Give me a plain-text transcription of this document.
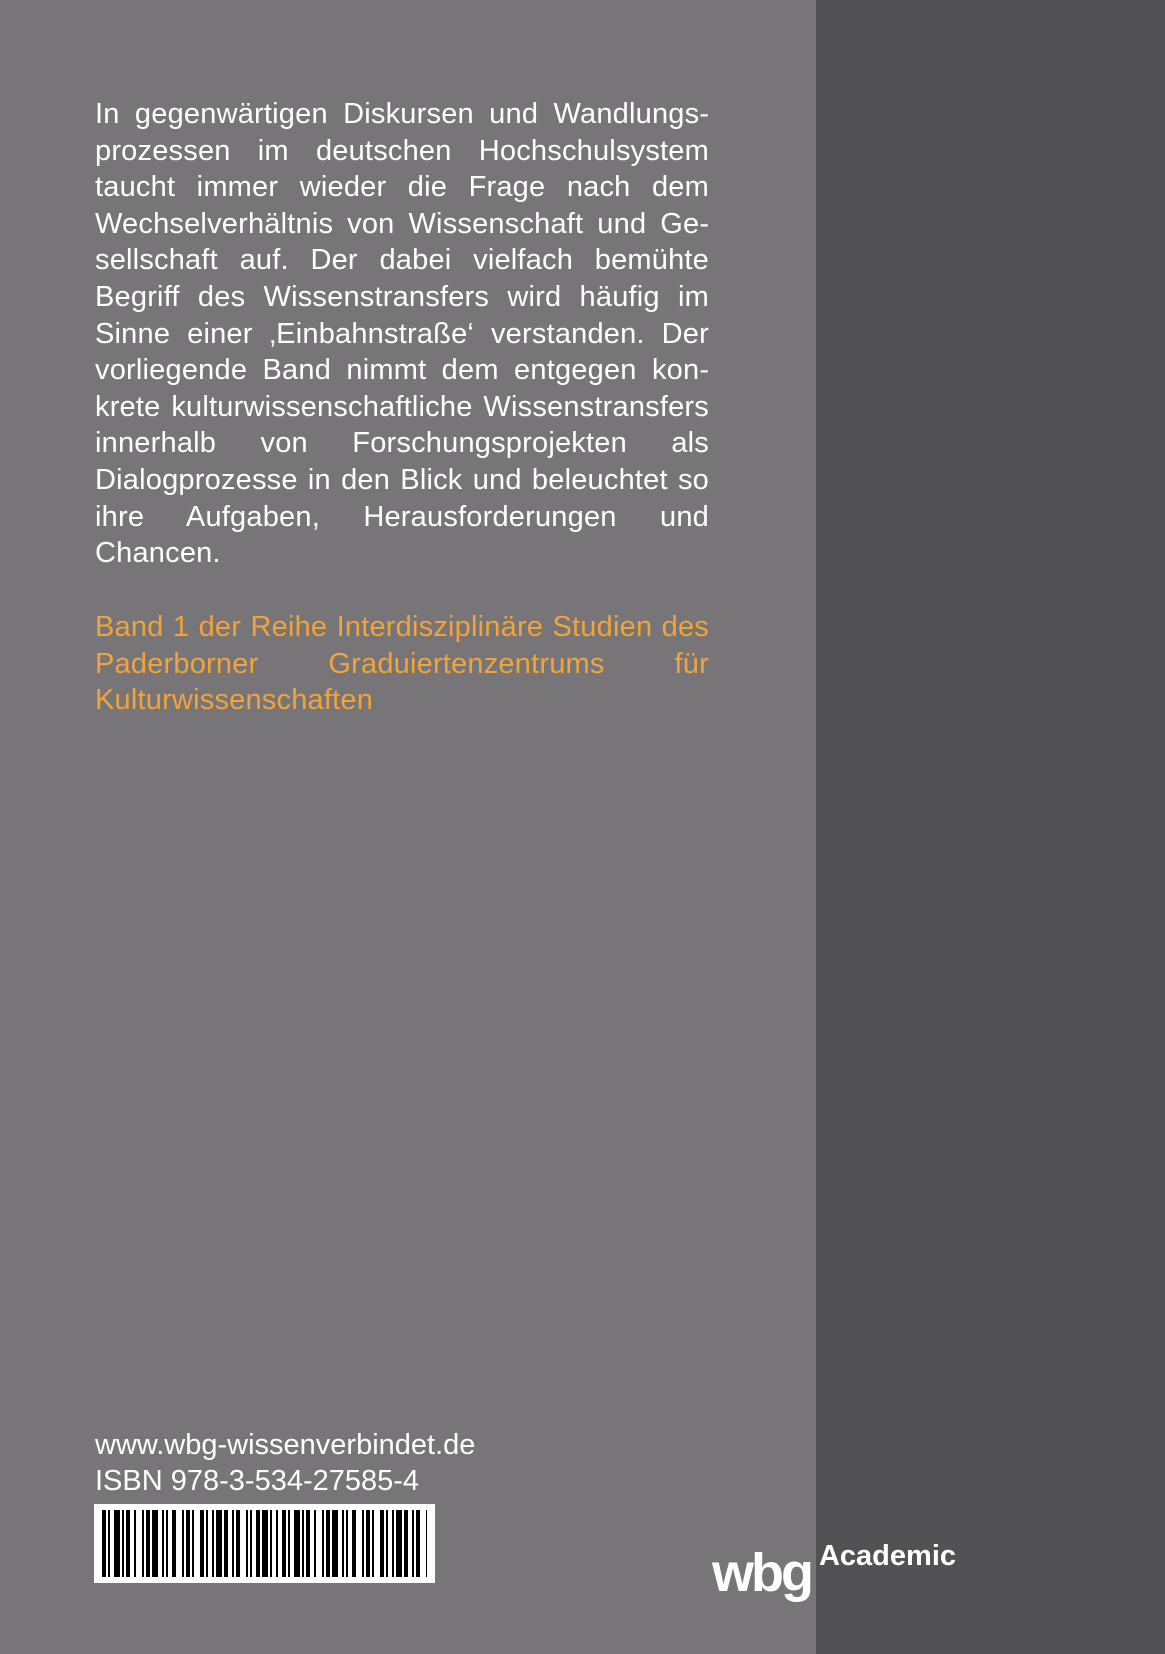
In gegenwärtigen Diskursen und Wandlungsprozessen im deutschen Hochschulsystem taucht immer wieder die Frage nach dem Wechselverhältnis von Wissenschaft und Gesellschaft auf. Der dabei vielfach bemühte Begriff des Wissenstransfers wird häufig im Sinne einer ‚Einbahnstraße‘ verstanden. Der vorliegende Band nimmt dem entgegen konkrete kulturwissenschaftliche Wissenstransfers innerhalb von Forschungsprojekten als Dialogprozesse in den Blick und beleuchtet so ihre Aufgaben, Herausforderungen und Chancen.

Band 1 der Reihe Interdisziplinäre Studien des Paderborner Graduiertenzentrums für Kulturwissenschaften

www.wbg-wissenverbindet.de

ISBN 978-3-534-27585-4

wbg Academic
